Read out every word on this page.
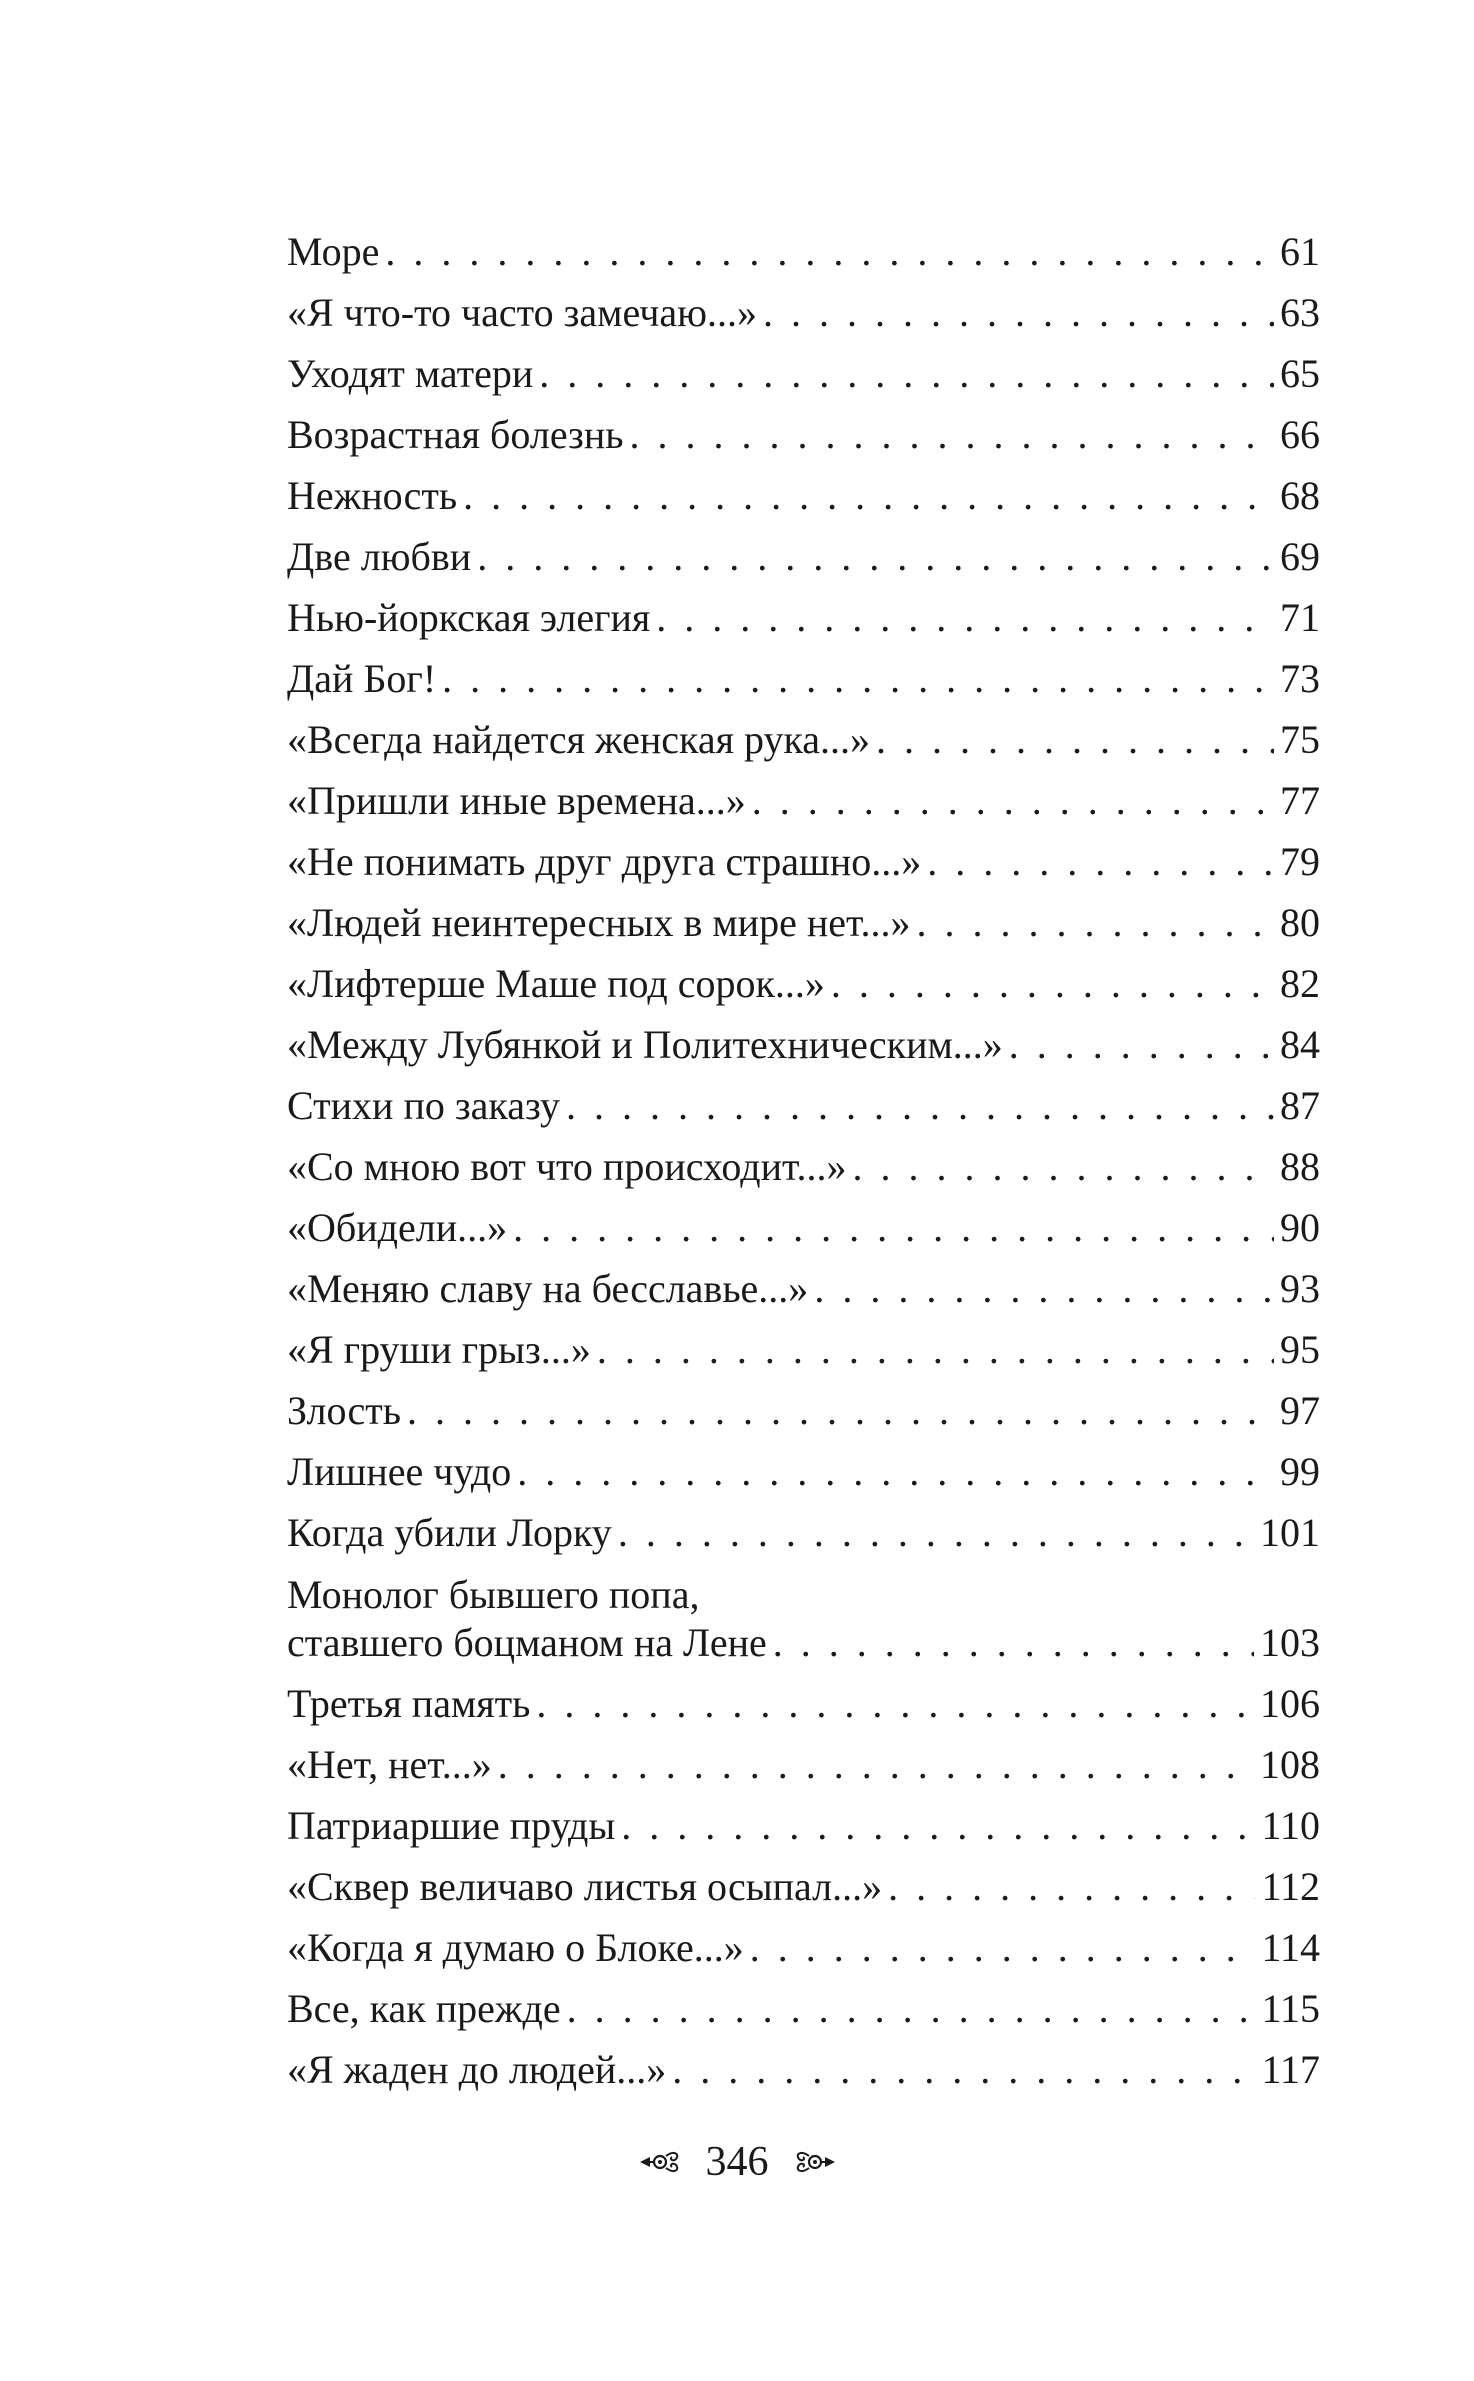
Море . . .	61
«Я что-то часто замечаю...» . . .	63
Уходят матери . . .	65
Возрастная болезнь . . .	66
Нежность . . .	68
Две любви . . .	69
Нью-йоркская элегия . . .	71
Дай Бог! . . .	73
«Всегда найдется женская рука...» . . .	75
«Пришли иные времена...» . . .	77
«Не понимать друг друга страшно...» . . .	79
«Людей неинтересных в мире нет...» . . .	80
«Лифтерше Маше под сорок...» . . .	82
«Между Лубянкой и Политехническим...» . . .	84
Стихи по заказу . . .	87
«Со мною вот что происходит...» . . .	88
«Обидели...» . . .	90
«Меняю славу на бесславье...» . . .	93
«Я груши грыз...» . . .	95
Злость . . .	97
Лишнее чудо . . .	99
Когда убили Лорку . . .	101
Монолог бывшего попа,
ставшего боцманом на Лене . . .	103
Третья память . . .	106
«Нет, нет...» . . .	108
Патриаршие пруды . . .	110
«Сквер величаво листья осыпал...» . . .	112
«Когда я думаю о Блоке...» . . .	114
Все, как прежде . . .	115
«Я жаден до людей...» . . .	117
346
